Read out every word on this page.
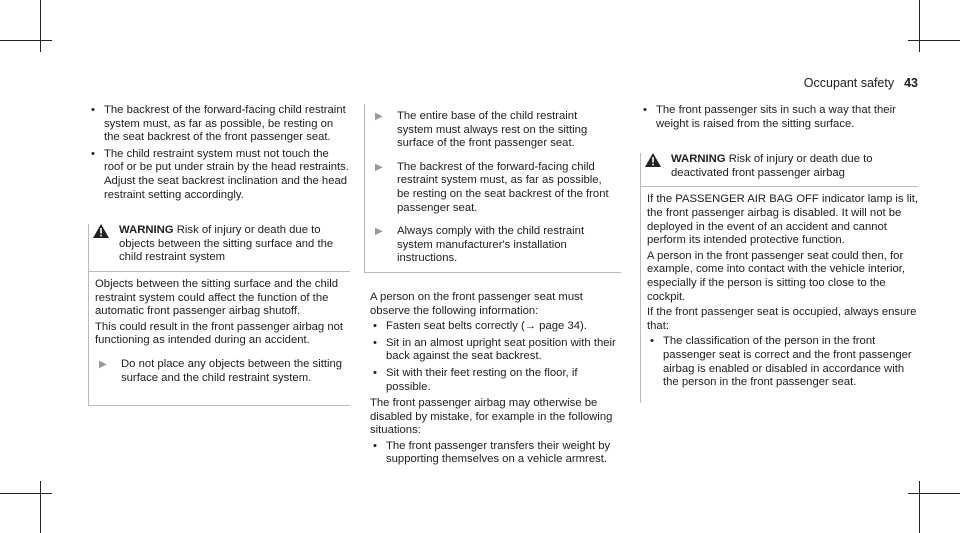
Occupant safety 43
• The backrest of the forward-facing child restraint system must, as far as possible, be resting on the seat backrest of the front passenger seat.
• The child restraint system must not touch the roof or be put under strain by the head restraints. Adjust the seat backrest inclination and the head restraint setting accordingly.
WARNING Risk of injury or death due to objects between the sitting surface and the child restraint system

Objects between the sitting surface and the child restraint system could affect the function of the automatic front passenger airbag shutoff.

This could result in the front passenger airbag not functioning as intended during an accident.

▶ Do not place any objects between the sitting surface and the child restraint system.
▶ The entire base of the child restraint system must always rest on the sitting surface of the front passenger seat.
▶ The backrest of the forward-facing child restraint system must, as far as possible, be resting on the seat backrest of the front passenger seat.
▶ Always comply with the child restraint system manufacturer's installation instructions.

A person on the front passenger seat must observe the following information:

• Fasten seat belts correctly (→ page 34).
• Sit in an almost upright seat position with their back against the seat backrest.
• Sit with their feet resting on the floor, if possible.

The front passenger airbag may otherwise be disabled by mistake, for example in the following situations:

• The front passenger transfers their weight by supporting themselves on a vehicle armrest.
• The front passenger sits in such a way that their weight is raised from the sitting surface.
WARNING Risk of injury or death due to deactivated front passenger airbag

If the PASSENGER AIR BAG OFF indicator lamp is lit, the front passenger airbag is disabled. It will not be deployed in the event of an accident and cannot perform its intended protective function.

A person in the front passenger seat could then, for example, come into contact with the vehicle interior, especially if the person is sitting too close to the cockpit.

If the front passenger seat is occupied, always ensure that:

• The classification of the person in the front passenger seat is correct and the front passenger airbag is enabled or disabled in accordance with the person in the front passenger seat.
